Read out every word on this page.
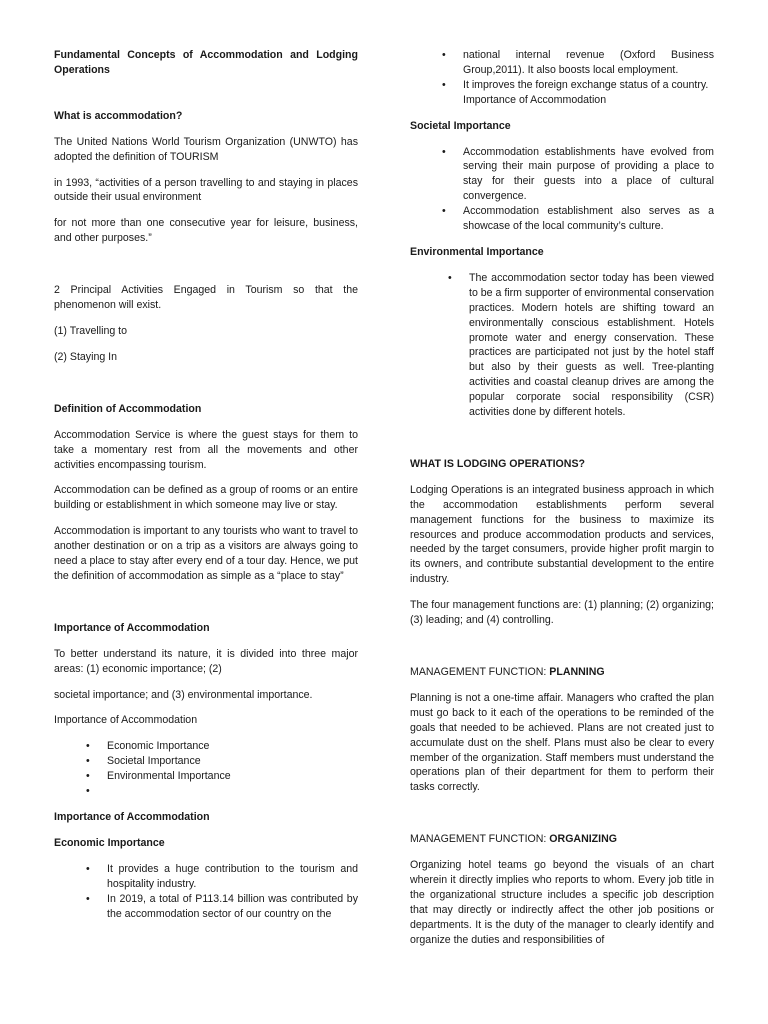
Fundamental Concepts of Accommodation and Lodging Operations

What is accommodation?

The United Nations World Tourism Organization (UNWTO) has adopted the definition of TOURISM

in 1993, “activities of a person travelling to and staying in places outside their usual environment

for not more than one consecutive year for leisure, business, and other purposes.”

2 Principal Activities Engaged in Tourism so that the phenomenon will exist.

(1) Travelling to

(2) Staying In

Definition of Accommodation

Accommodation Service is where the guest stays for them to take a momentary rest from all the movements and other activities encompassing tourism.

Accommodation can be defined as a group of rooms or an entire building or establishment in which someone may live or stay.

Accommodation is important to any tourists who want to travel to another destination or on a trip as a visitors are always going to need a place to stay after every end of a tour day. Hence, we put the definition of accommodation as simple as a “place to stay”

Importance of Accommodation

To better understand its nature, it is divided into three major areas: (1) economic importance; (2)

societal importance; and (3) environmental importance.

Importance of Accommodation

• Economic Importance
• Societal Importance
• Environmental Importance
•

Importance of Accommodation

Economic Importance

• It provides a huge contribution to the tourism and hospitality industry.
• In 2019, a total of P113.14 billion was contributed by the accommodation sector of our country on the
• national internal revenue (Oxford Business Group,2011). It also boosts local employment.
• It improves the foreign exchange status of a country.
Importance of Accommodation

Societal Importance

• Accommodation establishments have evolved from serving their main purpose of providing a place to stay for their guests into a place of cultural convergence.
• Accommodation establishment also serves as a showcase of the local community’s culture.

Environmental Importance

• The accommodation sector today has been viewed to be a firm supporter of environmental conservation practices. Modern hotels are shifting toward an environmentally conscious establishment. Hotels promote water and energy conservation. These practices are participated not just by the hotel staff but also by their guests as well. Tree-planting activities and coastal cleanup drives are among the popular corporate social responsibility (CSR) activities done by different hotels.

WHAT IS LODGING OPERATIONS?

Lodging Operations is an integrated business approach in which the accommodation establishments perform several management functions for the business to maximize its resources and produce accommodation products and services, needed by the target consumers, provide higher profit margin to its owners, and contribute substantial development to the entire industry.

The four management functions are: (1) planning; (2) organizing; (3) leading; and (4) controlling.

MANAGEMENT FUNCTION: PLANNING

Planning is not a one-time affair. Managers who crafted the plan must go back to it each of the operations to be reminded of the goals that needed to be achieved. Plans are not created just to accumulate dust on the shelf. Plans must also be clear to every member of the organization. Staff members must understand the operations plan of their department for them to perform their tasks correctly.

MANAGEMENT FUNCTION: ORGANIZING

Organizing hotel teams go beyond the visuals of an chart wherein it directly implies who reports to whom. Every job title in the organizational structure includes a specific job description that may directly or indirectly affect the other job positions or departments. It is the duty of the manager to clearly identify and organize the duties and responsibilities of
